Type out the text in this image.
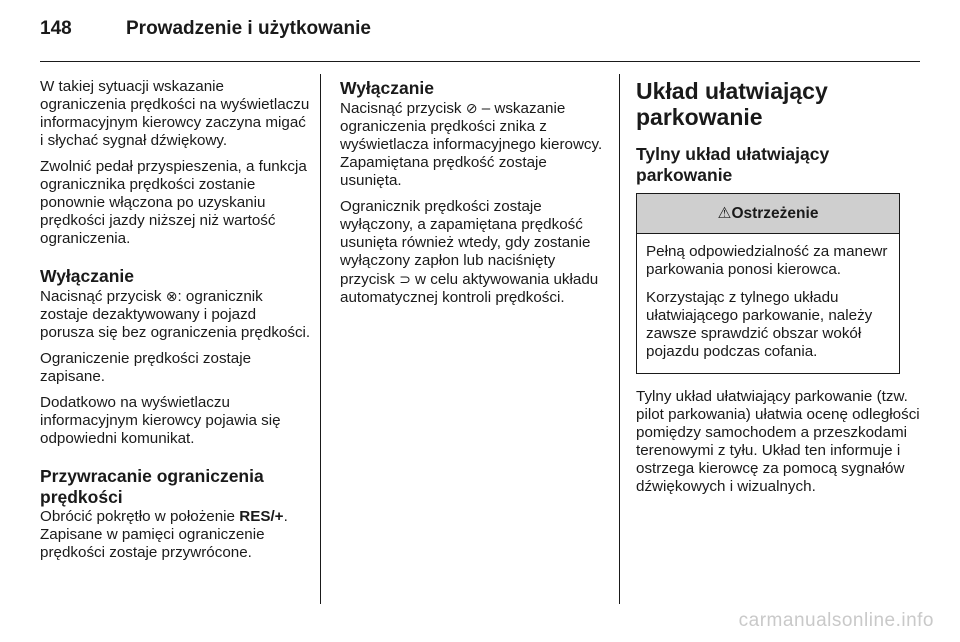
148	Prowadzenie i użytkowanie

W takiej sytuacji wskazanie ograniczenia prędkości na wyświetlaczu informacyjnym kierowcy zaczyna migać i słychać sygnał dźwiękowy.

Zwolnić pedał przyspieszenia, a funkcja ogranicznika prędkości zostanie ponownie włączona po uzyskaniu prędkości jazdy niższej niż wartość ograniczenia.

Wyłączanie

Nacisnąć przycisk ⊗: ogranicznik zostaje dezaktywowany i pojazd porusza się bez ograniczenia prędkości.

Ograniczenie prędkości zostaje zapisane.

Dodatkowo na wyświetlaczu informacyjnym kierowcy pojawia się odpowiedni komunikat.

Przywracanie ograniczenia prędkości

Obrócić pokrętło w położenie RES/+. Zapisane w pamięci ograniczenie prędkości zostaje przywrócone.

Wyłączanie

Nacisnąć przycisk ⊘ – wskazanie ograniczenia prędkości znika z wyświetlacza informacyjnego kierowcy. Zapamiętana prędkość zostaje usunięta.

Ogranicznik prędkości zostaje wyłączony, a zapamiętana prędkość usunięta również wtedy, gdy zostanie wyłączony zapłon lub naciśnięty przycisk ⊃ w celu aktywowania układu automatycznej kontroli prędkości.

Układ ułatwiający parkowanie
Tylny układ ułatwiający parkowanie
⚠Ostrzeżenie

Pełną odpowiedzialność za manewr parkowania ponosi kierowca.

Korzystając z tylnego układu ułatwiającego parkowanie, należy zawsze sprawdzić obszar wokół pojazdu podczas cofania.

Tylny układ ułatwiający parkowanie (tzw. pilot parkowania) ułatwia ocenę odległości pomiędzy samochodem a przeszkodami terenowymi z tyłu. Układ ten informuje i ostrzega kierowcę za pomocą sygnałów dźwiękowych i wizualnych.

carmanualsonline.info
